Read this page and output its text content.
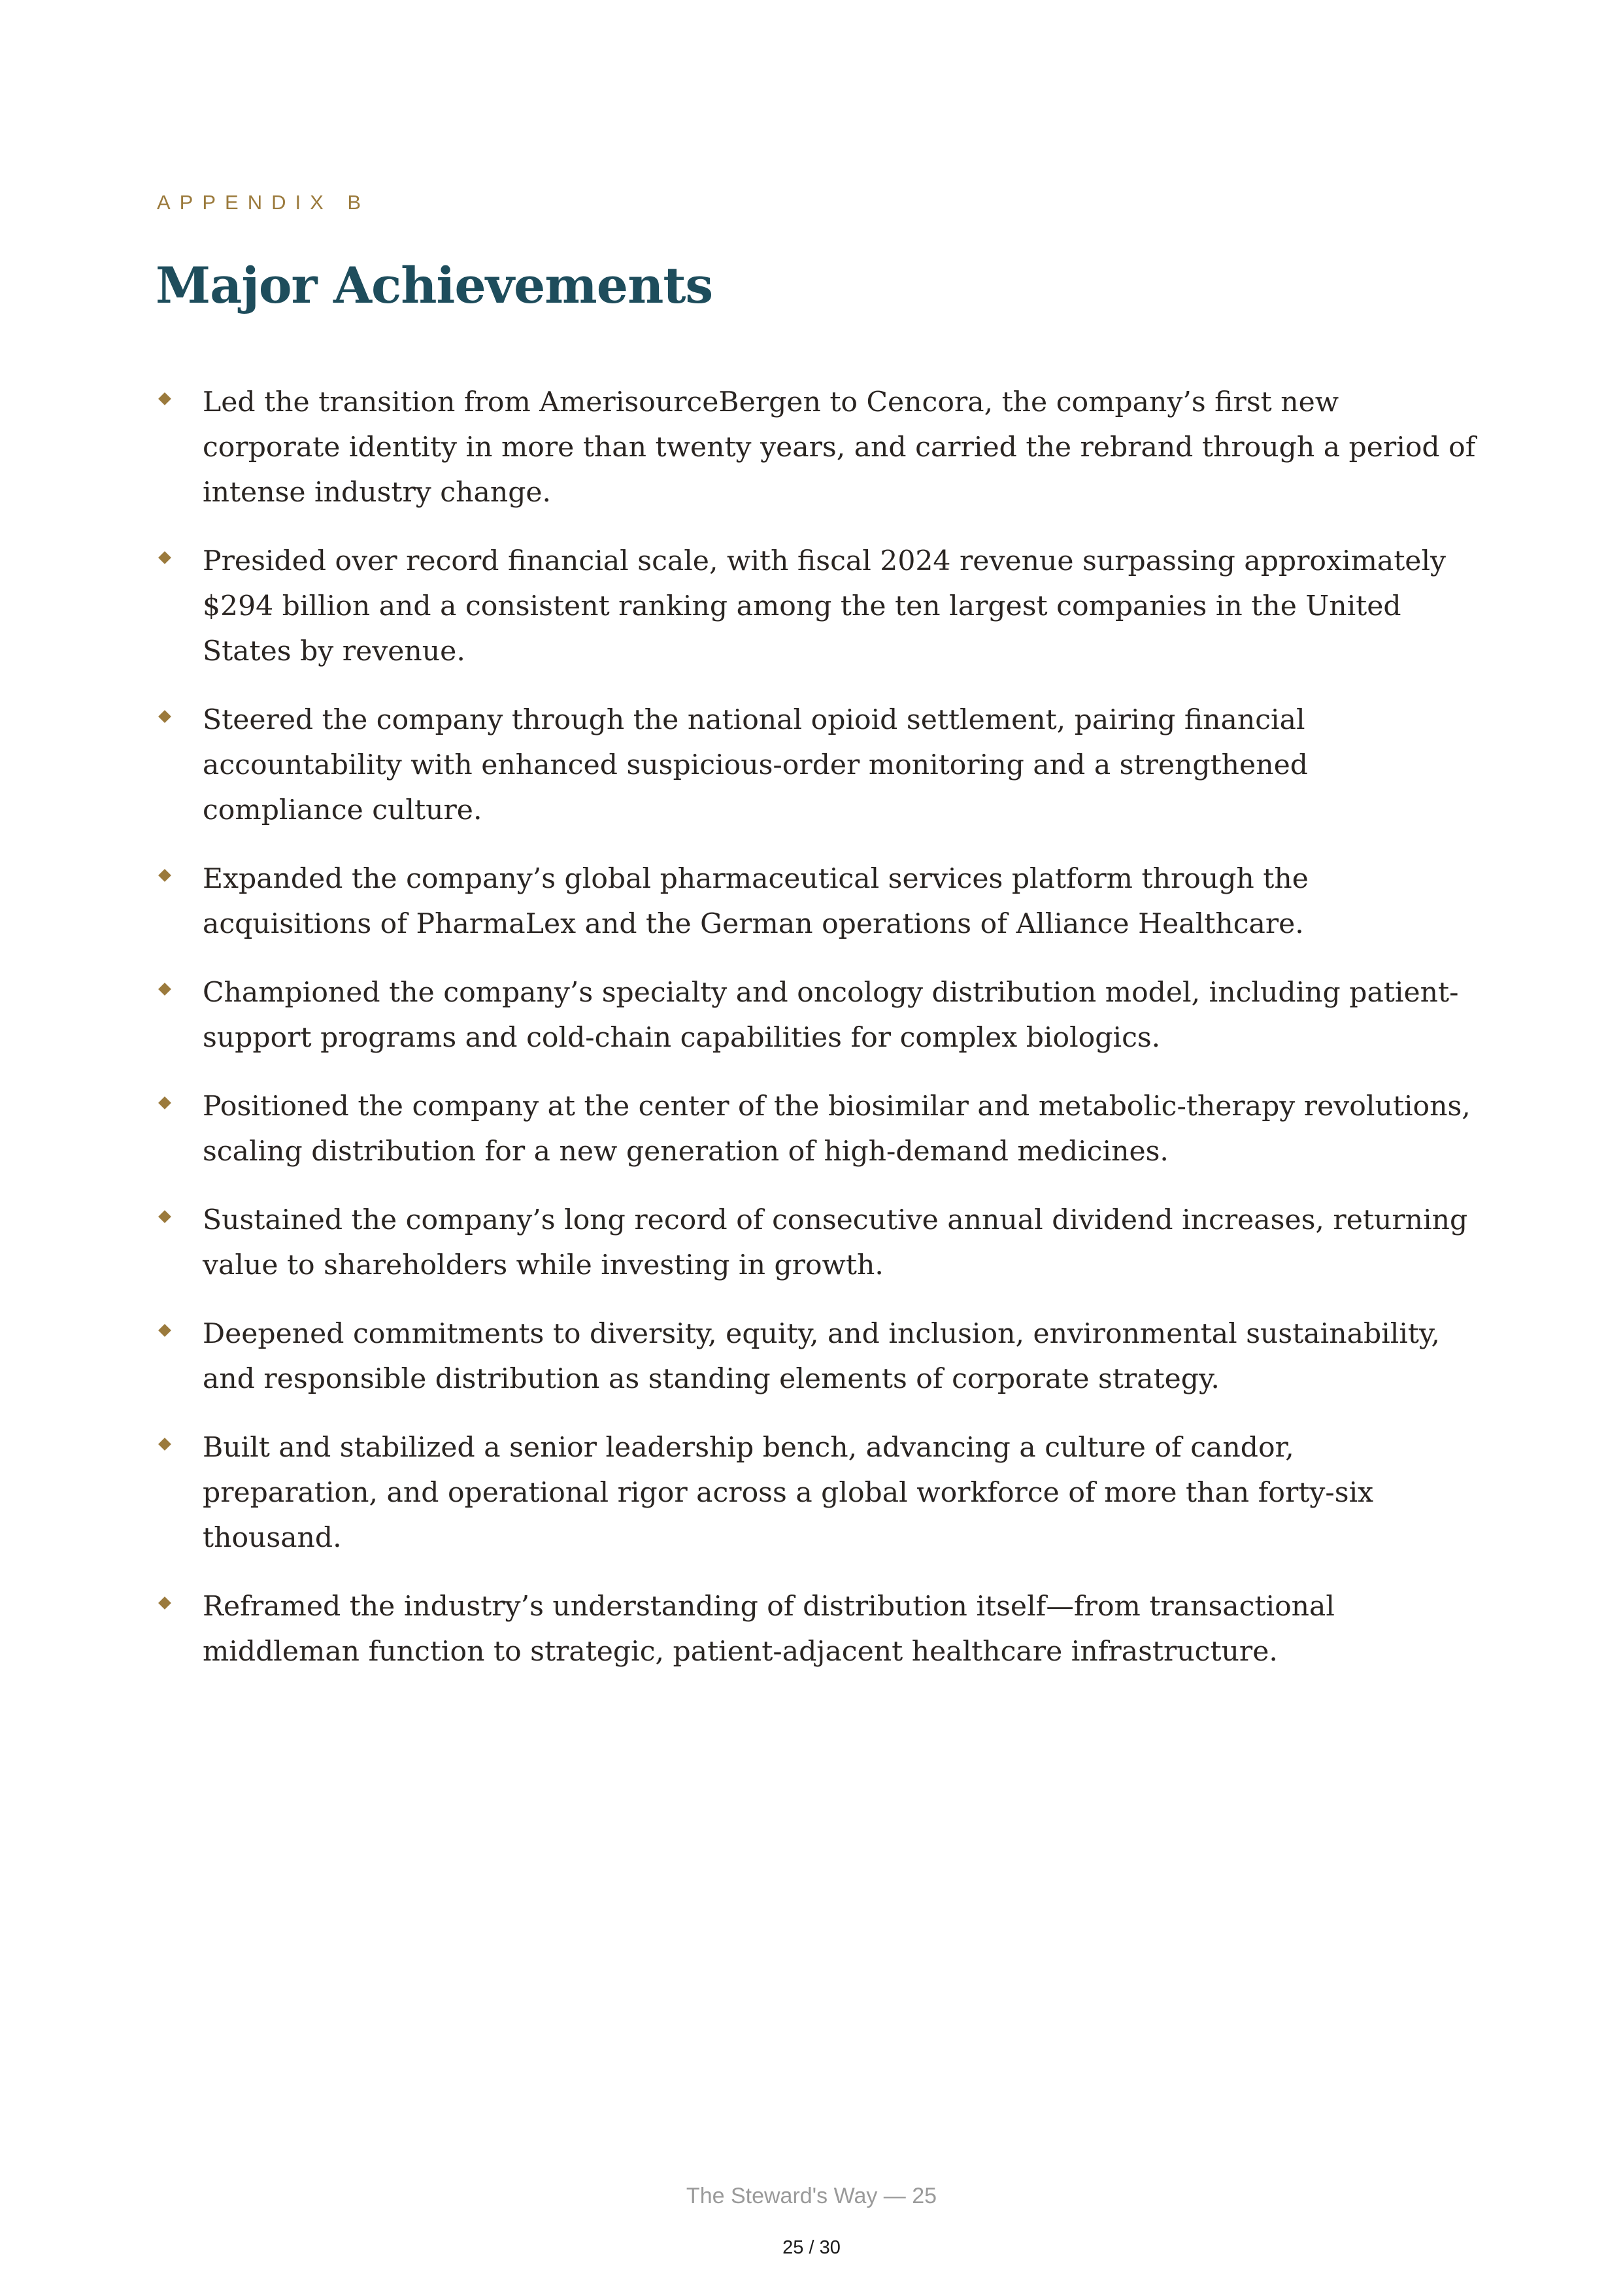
APPENDIX B

Major Achievements
Led the transition from AmerisourceBergen to Cencora, the company’s first new corporate identity in more than twenty years, and carried the rebrand through a period of intense industry change.
Presided over record financial scale, with fiscal 2024 revenue surpassing approximately $294 billion and a consistent ranking among the ten largest companies in the United States by revenue.
Steered the company through the national opioid settlement, pairing financial accountability with enhanced suspicious-order monitoring and a strengthened compliance culture.
Expanded the company’s global pharmaceutical services platform through the acquisitions of PharmaLex and the German operations of Alliance Healthcare.
Championed the company’s specialty and oncology distribution model, including patient-support programs and cold-chain capabilities for complex biologics.
Positioned the company at the center of the biosimilar and metabolic-therapy revolutions, scaling distribution for a new generation of high-demand medicines.
Sustained the company’s long record of consecutive annual dividend increases, returning value to shareholders while investing in growth.
Deepened commitments to diversity, equity, and inclusion, environmental sustainability, and responsible distribution as standing elements of corporate strategy.
Built and stabilized a senior leadership bench, advancing a culture of candor, preparation, and operational rigor across a global workforce of more than forty-six thousand.
Reframed the industry’s understanding of distribution itself—from transactional middleman function to strategic, patient-adjacent healthcare infrastructure.

The Steward's Way — 25

25 / 30
